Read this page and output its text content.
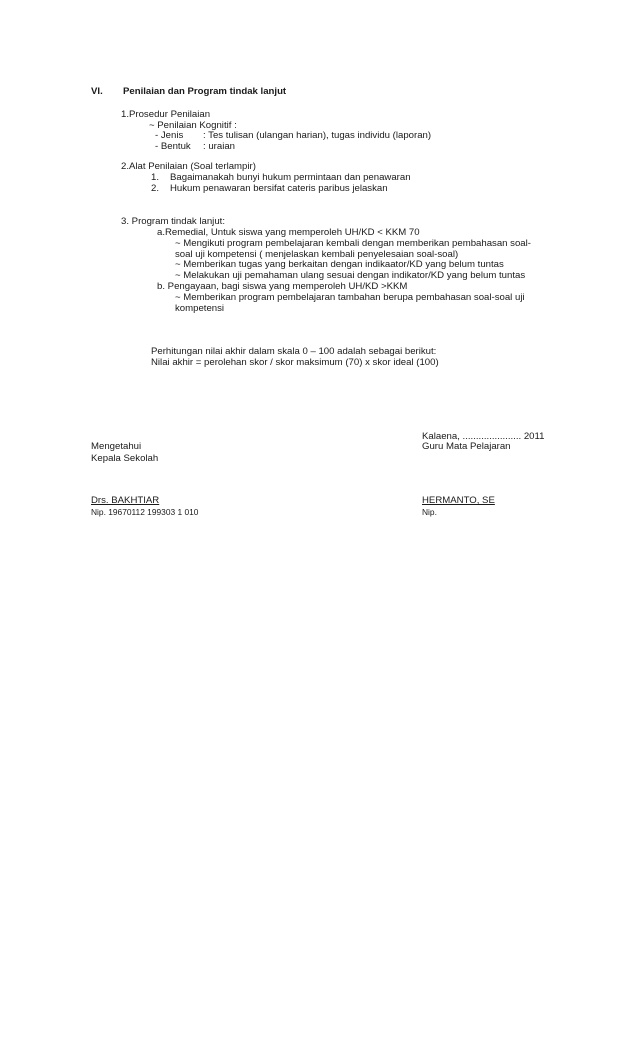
VI. Penilaian dan Program tindak lanjut
1.Prosedur Penilaian
~ Penilaian Kognitif :
- Jenis : Tes tulisan (ulangan harian), tugas individu (laporan)
- Bentuk : uraian
2.Alat Penilaian (Soal terlampir)
1. Bagaimanakah bunyi hukum permintaan dan penawaran
2. Hukum penawaran bersifat cateris paribus jelaskan
3. Program tindak lanjut:
a.Remedial, Untuk siswa yang memperoleh UH/KD < KKM 70
~ Mengikuti program pembelajaran kembali dengan memberikan pembahasan soal-
soal uji kompetensi ( menjelaskan kembali penyelesaian soal-soal)
~ Memberikan tugas yang berkaitan dengan indikaator/KD yang belum tuntas
~ Melakukan uji pemahaman ulang sesuai dengan indikator/KD yang belum tuntas
b. Pengayaan, bagi siswa yang memperoleh UH/KD >KKM
~ Memberikan program pembelajaran tambahan berupa pembahasan soal-soal uji
kompetensi
Perhitungan nilai akhir dalam skala 0 – 100 adalah sebagai berikut:
Nilai akhir = perolehan skor / skor maksimum (70) x skor ideal (100)
Kalaena, ...................... 2011
Mengetahui	Guru Mata Pelajaran
Kepala Sekolah
Drs. BAKHTIAR	HERMANTO, SE
Nip. 19670112 199303 1 010	Nip.
